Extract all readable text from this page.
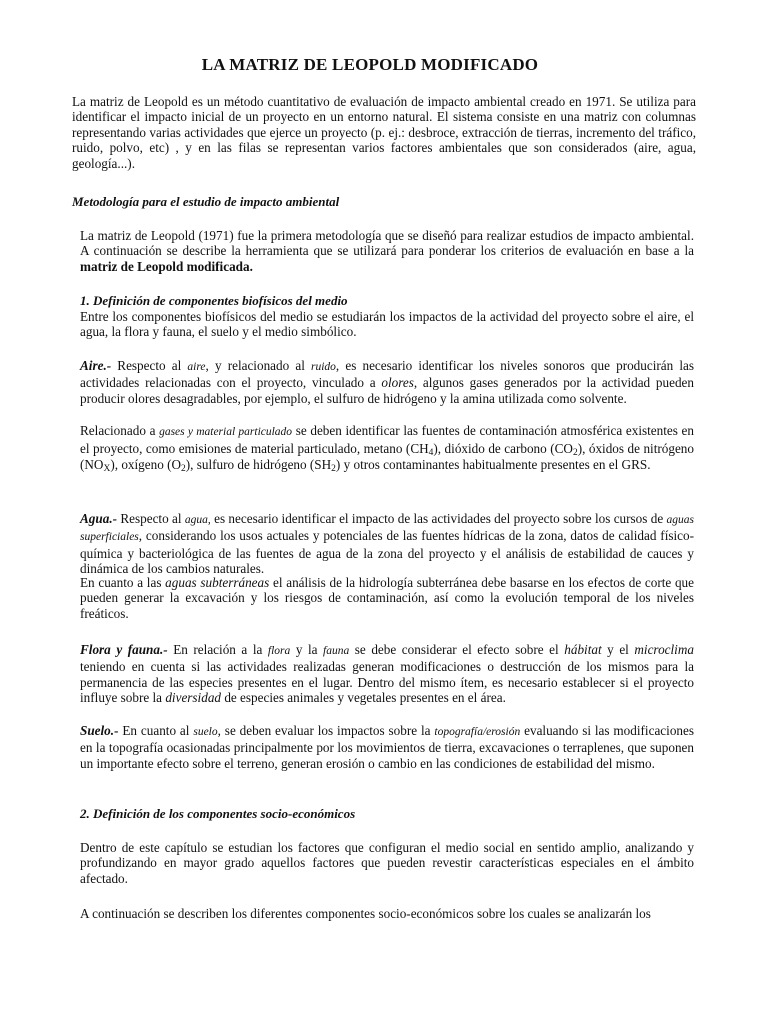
LA MATRIZ DE LEOPOLD MODIFICADO

La matriz de Leopold es un método cuantitativo de evaluación de impacto ambiental creado en 1971. Se utiliza para identificar el impacto inicial de un proyecto en un entorno natural. El sistema consiste en una matriz con columnas representando varias actividades que ejerce un proyecto (p. ej.: desbroce, extracción de tierras, incremento del tráfico, ruido, polvo, etc) , y en las filas se representan varios factores ambientales que son considerados (aire, agua, geología...).

Metodología para el estudio de impacto ambiental

La matriz de Leopold (1971) fue la primera metodología que se diseñó para realizar estudios de impacto ambiental. A continuación se describe la herramienta que se utilizará para ponderar los criterios de evaluación en base a la matriz de Leopold modificada.

1. Definición de componentes biofísicos del medio

Entre los componentes biofísicos del medio se estudiarán los impactos de la actividad del proyecto sobre el aire, el agua, la flora y fauna, el suelo y el medio simbólico.

Aire.- Respecto al aire, y relacionado al ruido, es necesario identificar los niveles sonoros que producirán las actividades relacionadas con el proyecto, vinculado a olores, algunos gases generados por la actividad pueden producir olores desagradables, por ejemplo, el sulfuro de hidrógeno y la amina utilizada como solvente.

Relacionado a gases y material particulado se deben identificar las fuentes de contaminación atmosférica existentes en el proyecto, como emisiones de material particulado, metano $(CH_4)$, dióxido de carbono $(CO_2)$, óxidos de nitrógeno $(NO_X)$, oxígeno $(O_2)$, sulfuro de hidrógeno $(SH_2)$ y otros contaminantes habitualmente presentes en el GRS.

Agua.- Respecto al agua, es necesario identificar el impacto de las actividades del proyecto sobre los cursos de aguas superficiales, considerando los usos actuales y potenciales de las fuentes hídricas de la zona, datos de calidad físico-química y bacteriológica de las fuentes de agua de la zona del proyecto y el análisis de estabilidad de cauces y dinámica de los cambios naturales.

En cuanto a las aguas subterráneas el análisis de la hidrología subterránea debe basarse en los efectos de corte que pueden generar la excavación y los riesgos de contaminación, así como la evolución temporal de los niveles freáticos.

Flora y fauna.- En relación a la flora y la fauna se debe considerar el efecto sobre el hábitat y el microclima teniendo en cuenta si las actividades realizadas generan modificaciones o destrucción de los mismos para la permanencia de las especies presentes en el lugar. Dentro del mismo ítem, es necesario establecer si el proyecto influye sobre la diversidad de especies animales y vegetales presentes en el área.

Suelo.- En cuanto al suelo, se deben evaluar los impactos sobre la topografía/erosión evaluando si las modificaciones en la topografía ocasionadas principalmente por los movimientos de tierra, excavaciones o terraplenes, que suponen un importante efecto sobre el terreno, generan erosión o cambio en las condiciones de estabilidad del mismo.

2. Definición de los componentes socio-económicos

Dentro de este capítulo se estudian los factores que configuran el medio social en sentido amplio, analizando y profundizando en mayor grado aquellos factores que pueden revestir características especiales en el ámbito afectado.

A continuación se describen los diferentes componentes socio-económicos sobre los cuales se analizarán los
